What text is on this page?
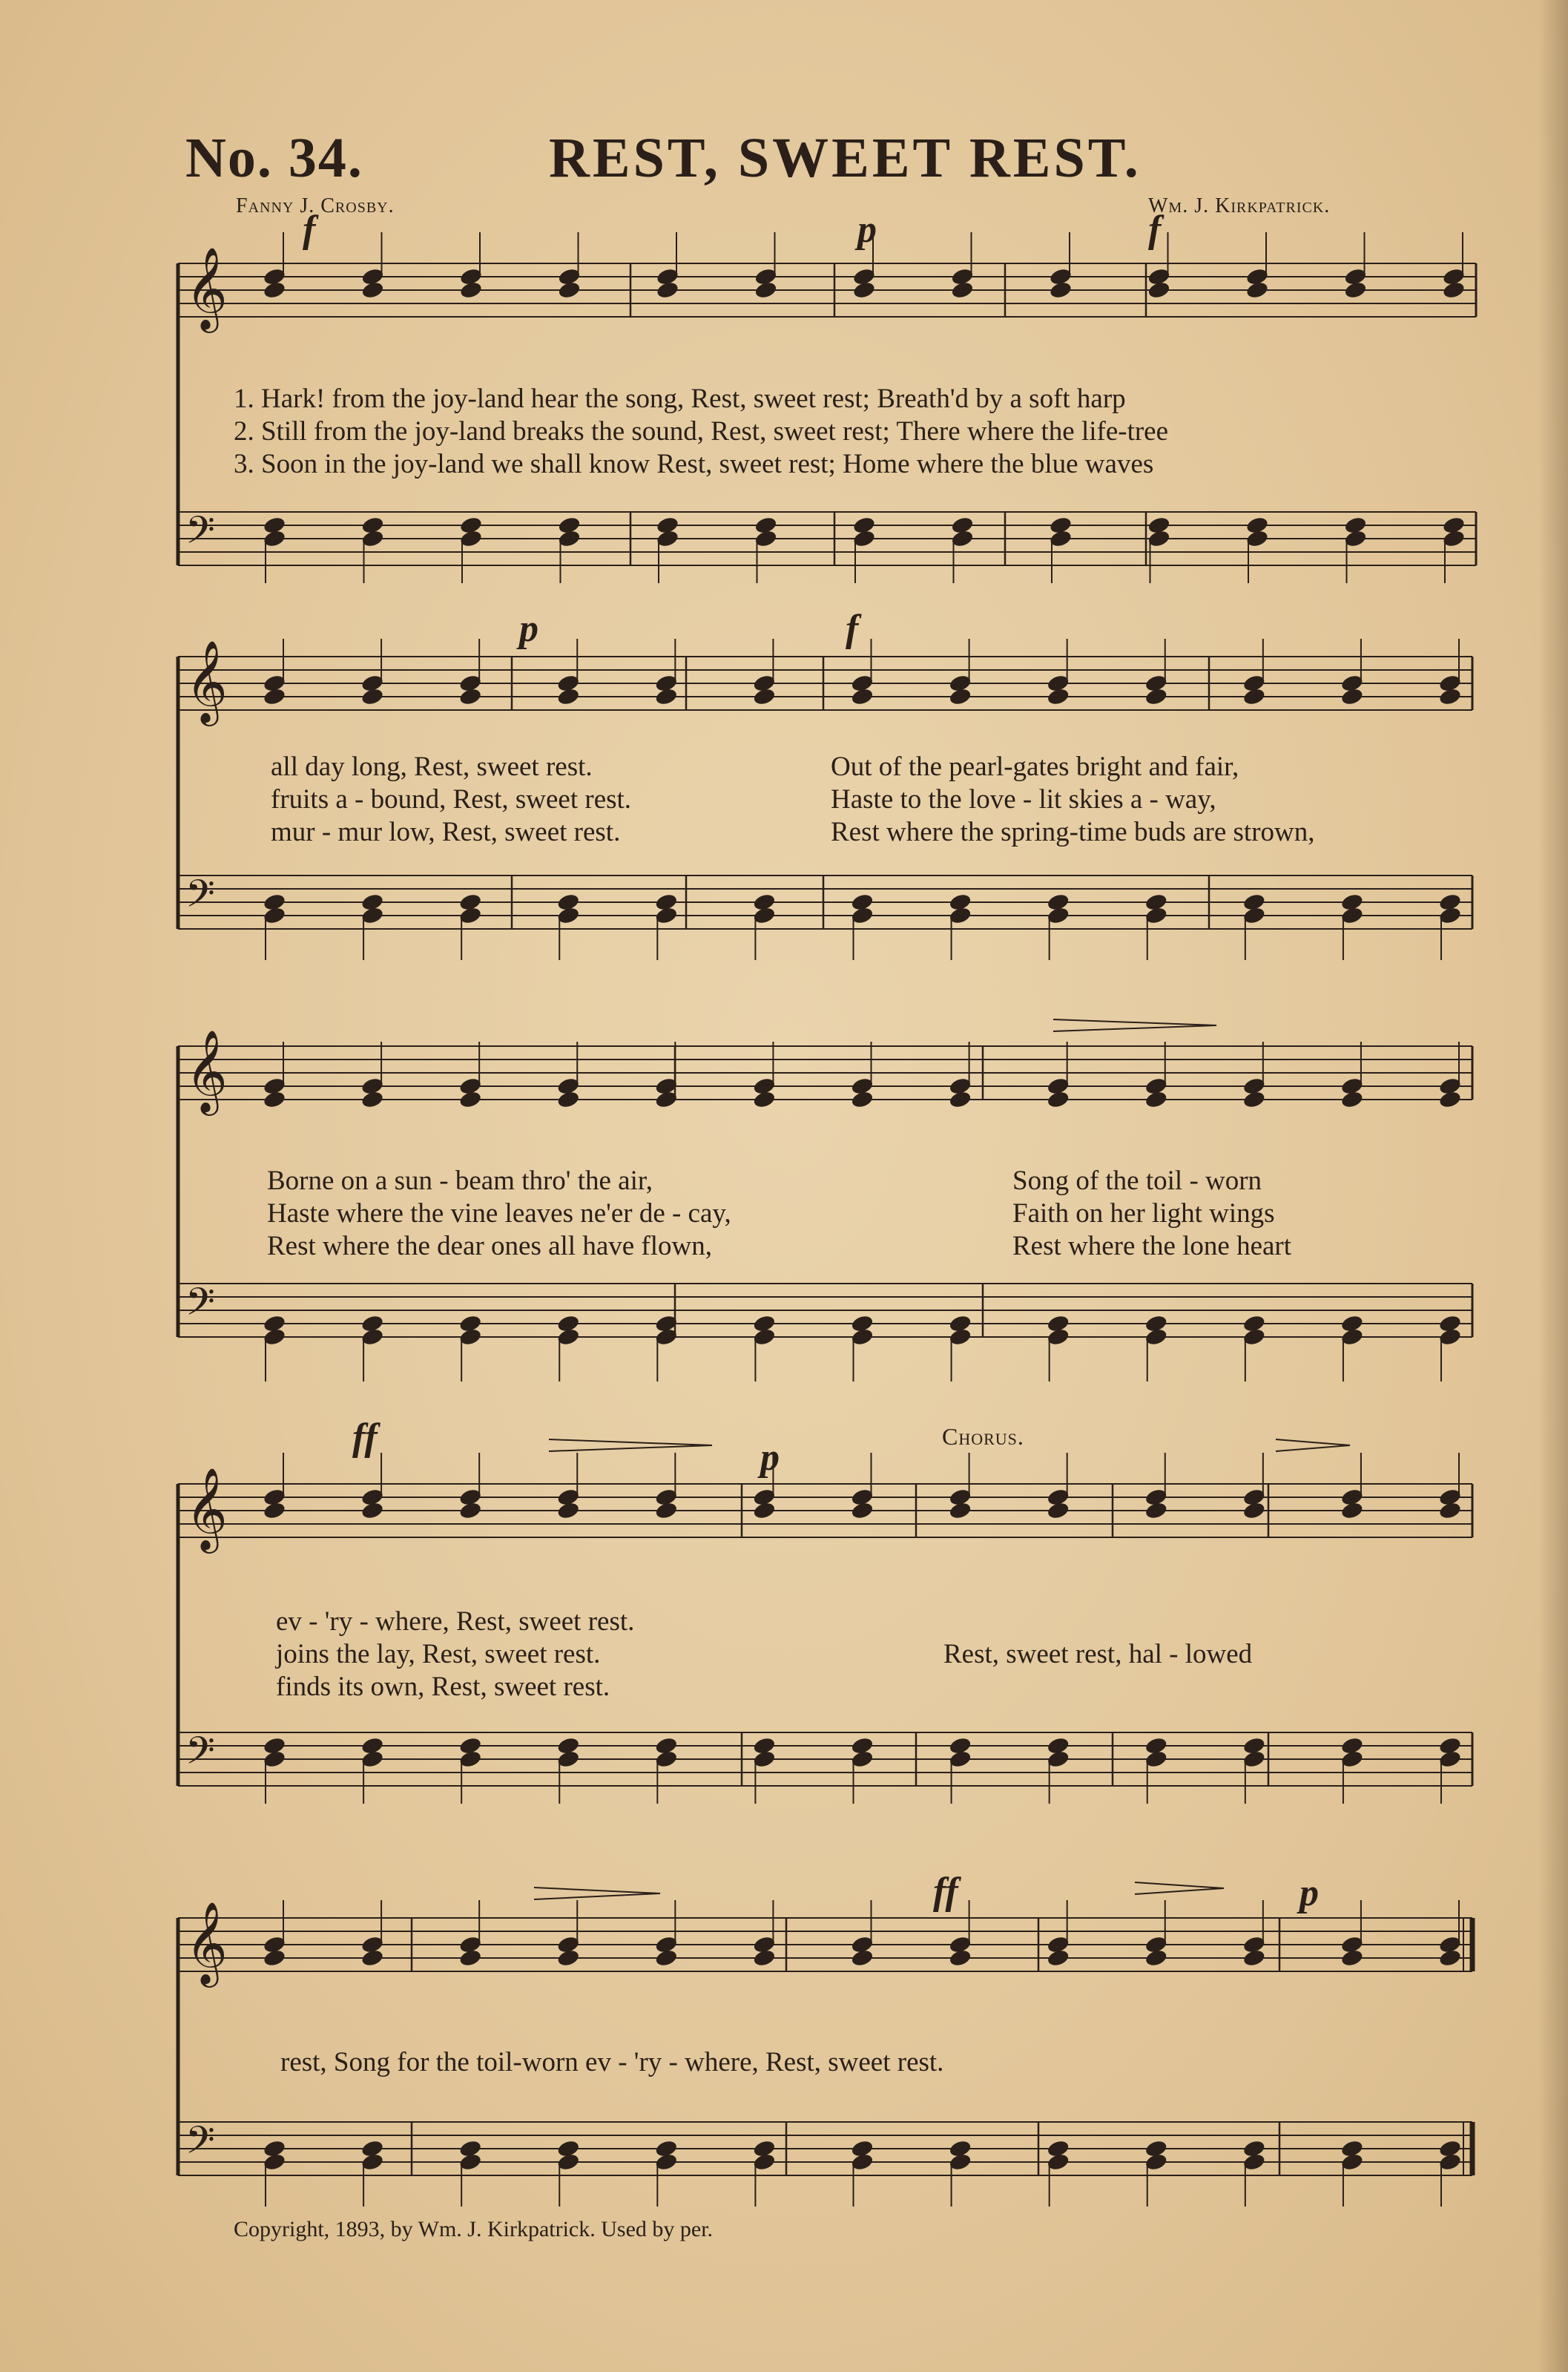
No. 34.	REST, SWEET REST.
Fanny J. Crosby.	Wm. J. Kirkpatrick.
𝄞
𝄢
𝄞
𝄢
𝄞
𝄢
𝄞
𝄢
𝄞
𝄢
f	p	f
p	f
ff	p
ff	p
Chorus.
1. Hark! from the joy-land hear the song, Rest, sweet rest; Breath'd by a soft harp
2. Still from the joy-land breaks the sound, Rest, sweet rest; There where the life-tree
3. Soon in the joy-land we shall know Rest, sweet rest; Home where the blue waves
all day long, Rest, sweet rest.
fruits a - bound, Rest, sweet rest.
mur - mur low, Rest, sweet rest.
Out of the pearl-gates bright and fair,
Haste to the love - lit skies a - way,
Rest where the spring-time buds are strown,
Borne on a sun - beam thro' the air,
Haste where the vine leaves ne'er de - cay,
Rest where the dear ones all have flown,
Song of the toil - worn
Faith on her light wings
Rest where the lone heart
ev - 'ry - where, Rest, sweet rest.
joins the lay, Rest, sweet rest.
finds its own, Rest, sweet rest.
Rest, sweet rest, hal - lowed
rest, Song for the toil-worn ev - 'ry - where, Rest, sweet rest.
Copyright, 1893, by Wm. J. Kirkpatrick. Used by per.
